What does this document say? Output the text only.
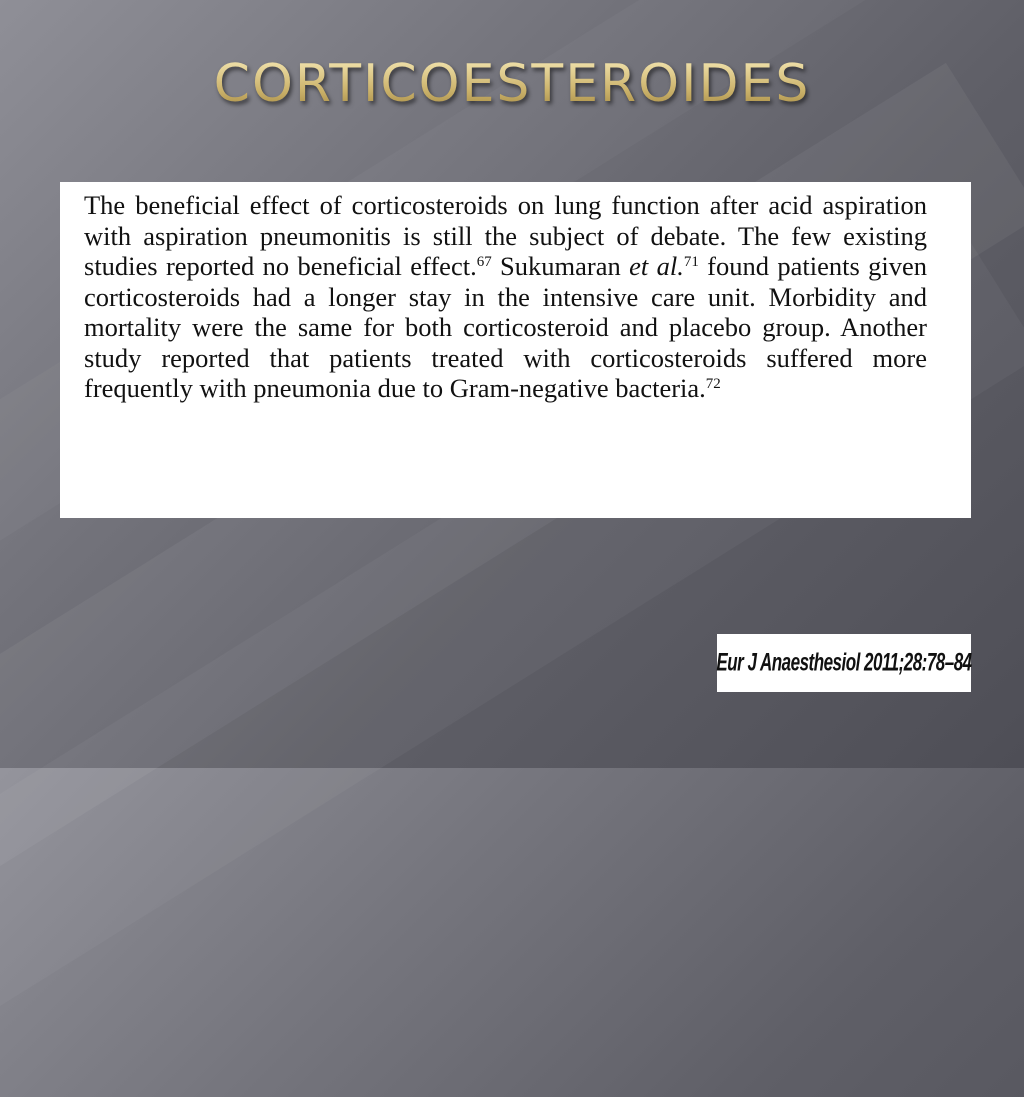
CORTICOESTEROIDES

The beneficial effect of corticosteroids on lung function after acid aspiration with aspiration pneumonitis is still the subject of debate. The few existing studies reported no beneficial effect.$^{67}$ Sukumaran et al.$^{71}$ found patients given corticosteroids had a longer stay in the intensive care unit. Morbidity and mortality were the same for both corticosteroid and placebo group. Another study reported that patients treated with corticosteroids suffered more frequently with pneumonia due to Gram-negative bacteria.$^{72}$

Eur J Anaesthesiol 2011;28:78–84
